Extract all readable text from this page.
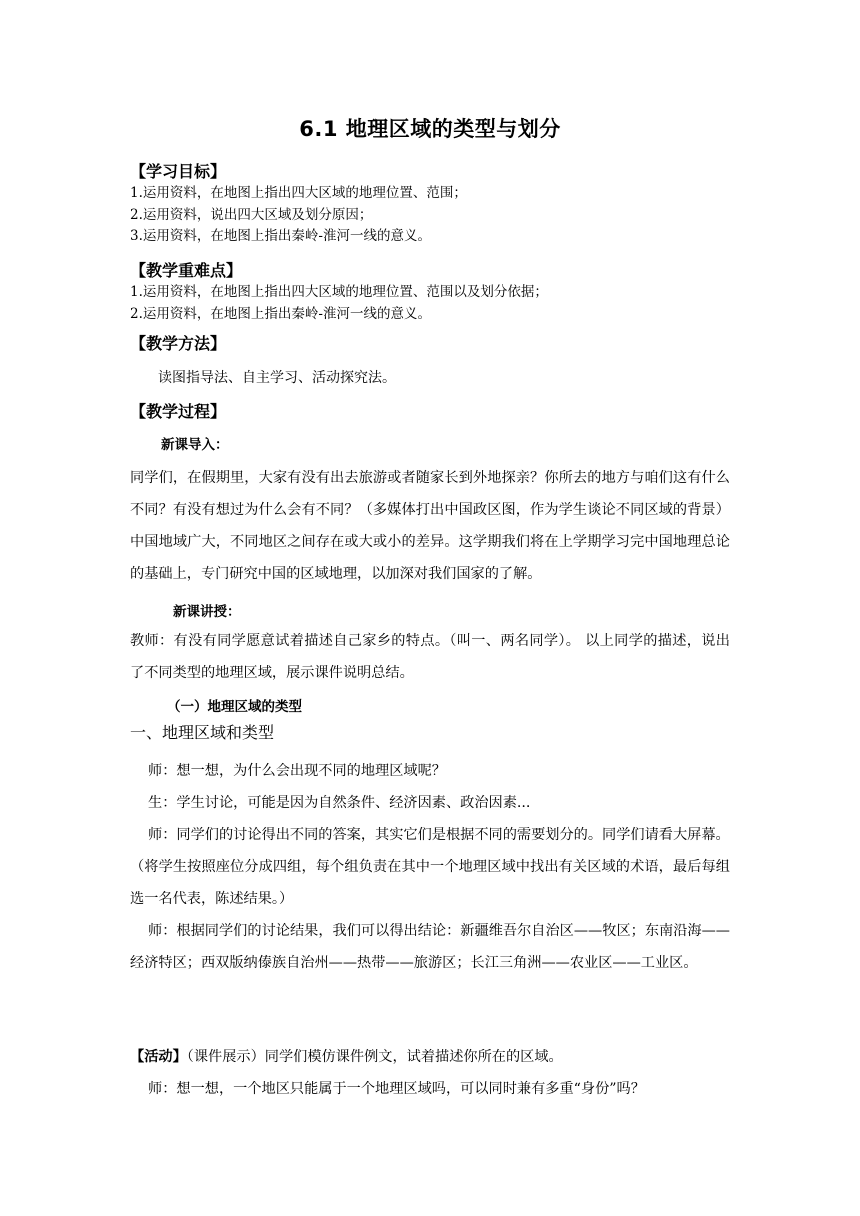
6.1 地理区域的类型与划分
【学习目标】
1.运用资料，在地图上指出四大区域的地理位置、范围；
2.运用资料，说出四大区域及划分原因；
3.运用资料，在地图上指出秦岭-淮河一线的意义。
【教学重难点】
1.运用资料，在地图上指出四大区域的地理位置、范围以及划分依据；
2.运用资料，在地图上指出秦岭-淮河一线的意义。
【教学方法】
读图指导法、自主学习、活动探究法。
【教学过程】
新课导入：
同学们，在假期里，大家有没有出去旅游或者随家长到外地探亲？你所去的地方与咱们这有什么不同？有没有想过为什么会有不同？（多媒体打出中国政区图，作为学生谈论不同区域的背景）中国地域广大，不同地区之间存在或大或小的差异。这学期我们将在上学期学习完中国地理总论的基础上，专门研究中国的区域地理，以加深对我们国家的了解。
新课讲授：
教师：有没有同学愿意试着描述自己家乡的特点。（叫一、两名同学）。 以上同学的描述，说出了不同类型的地理区域，展示课件说明总结。
（一）地理区域的类型
一、地理区域和类型
师：想一想，为什么会出现不同的地理区域呢？
生：学生讨论，可能是因为自然条件、经济因素、政治因素...
师：同学们的讨论得出不同的答案，其实它们是根据不同的需要划分的。同学们请看大屏幕。
（将学生按照座位分成四组，每个组负责在其中一个地理区域中找出有关区域的术语，最后每组选一名代表，陈述结果。）
师：根据同学们的讨论结果，我们可以得出结论：新疆维吾尔自治区——牧区；东南沿海——经济特区；西双版纳傣族自治州——热带——旅游区；长江三角洲——农业区——工业区。
【活动】（课件展示）同学们模仿课件例文，试着描述你所在的区域。
师：想一想，一个地区只能属于一个地理区域吗，可以同时兼有多重“身份”吗？
